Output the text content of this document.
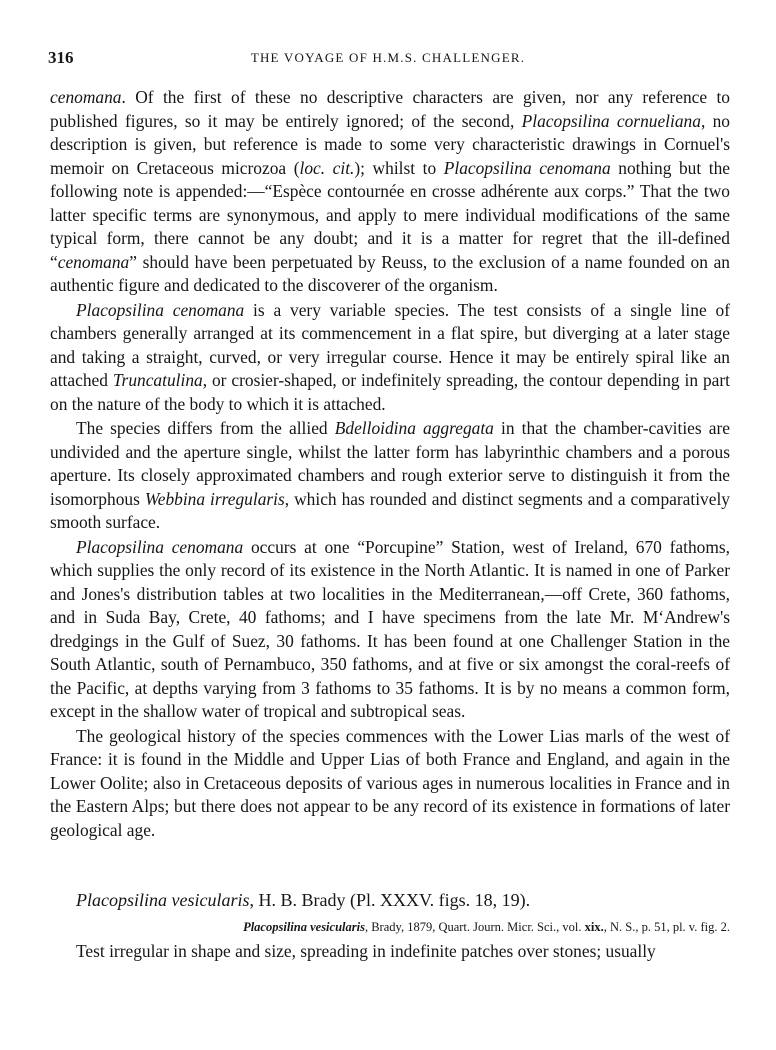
316	THE VOYAGE OF H.M.S. CHALLENGER.

cenomana. Of the first of these no descriptive characters are given, nor any reference to published figures, so it may be entirely ignored; of the second, Placopsilina cornueliana, no description is given, but reference is made to some very characteristic drawings in Cornuel's memoir on Cretaceous microzoa (loc. cit.); whilst to Placopsilina cenomana nothing but the following note is appended:—“Espèce contournée en crosse adhérente aux corps.” That the two latter specific terms are synonymous, and apply to mere individual modifications of the same typical form, there cannot be any doubt; and it is a matter for regret that the ill-defined “cenomana” should have been perpetuated by Reuss, to the exclusion of a name founded on an authentic figure and dedicated to the discoverer of the organism.

Placopsilina cenomana is a very variable species. The test consists of a single line of chambers generally arranged at its commencement in a flat spire, but diverging at a later stage and taking a straight, curved, or very irregular course. Hence it may be entirely spiral like an attached Truncatulina, or crosier-shaped, or indefinitely spreading, the contour depending in part on the nature of the body to which it is attached.

The species differs from the allied Bdelloidina aggregata in that the chamber-cavities are undivided and the aperture single, whilst the latter form has labyrinthic chambers and a porous aperture. Its closely approximated chambers and rough exterior serve to distinguish it from the isomorphous Webbina irregularis, which has rounded and distinct segments and a comparatively smooth surface.

Placopsilina cenomana occurs at one “Porcupine” Station, west of Ireland, 670 fathoms, which supplies the only record of its existence in the North Atlantic. It is named in one of Parker and Jones's distribution tables at two localities in the Mediterranean,—off Crete, 360 fathoms, and in Suda Bay, Crete, 40 fathoms; and I have specimens from the late Mr. M‘Andrew's dredgings in the Gulf of Suez, 30 fathoms. It has been found at one Challenger Station in the South Atlantic, south of Pernambuco, 350 fathoms, and at five or six amongst the coral-reefs of the Pacific, at depths varying from 3 fathoms to 35 fathoms. It is by no means a common form, except in the shallow water of tropical and subtropical seas.

The geological history of the species commences with the Lower Lias marls of the west of France: it is found in the Middle and Upper Lias of both France and England, and again in the Lower Oolite; also in Cretaceous deposits of various ages in numerous localities in France and in the Eastern Alps; but there does not appear to be any record of its existence in formations of later geological age.

Placopsilina vesicularis, H. B. Brady (Pl. XXXV. figs. 18, 19).
Placopsilina vesicularis, Brady, 1879, Quart. Journ. Micr. Sci., vol. xix., N. S., p. 51, pl. v. fig. 2.

Test irregular in shape and size, spreading in indefinite patches over stones; usually
